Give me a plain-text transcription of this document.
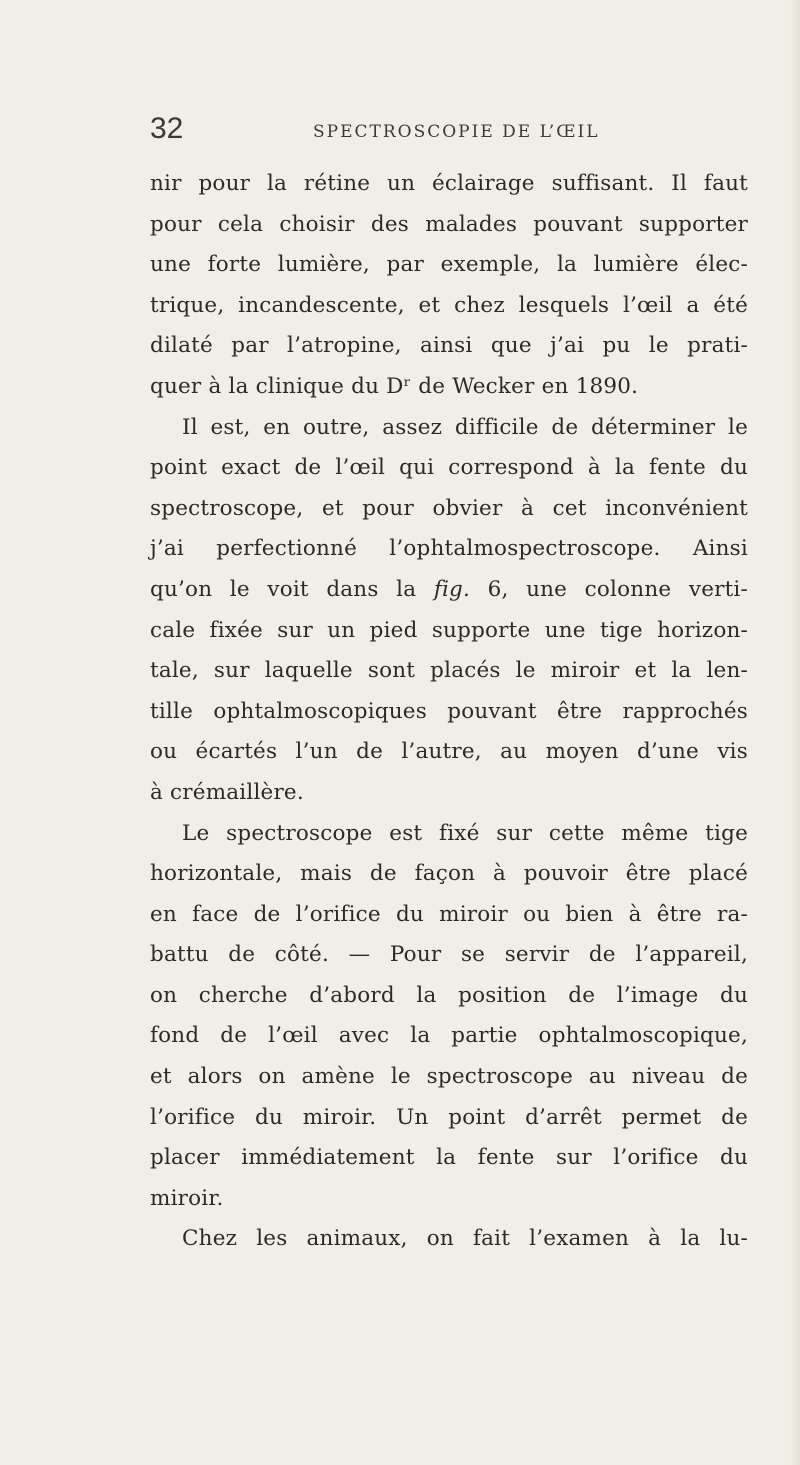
32	SPECTROSCOPIE DE L’ŒIL
nir pour la rétine un éclairage suffisant. Il faut
pour cela choisir des malades pouvant supporter
une forte lumière, par exemple, la lumière élec-
trique, incandescente, et chez lesquels l’œil a été
dilaté par l’atropine, ainsi que j’ai pu le prati-
quer à la clinique du Dʳ de Wecker en 1890.
Il est, en outre, assez difficile de déterminer le
point exact de l’œil qui correspond à la fente du
spectroscope, et pour obvier à cet inconvénient
j’ai perfectionné l’ophtalmospectroscope. Ainsi
qu’on le voit dans la fig. 6, une colonne verti-
cale fixée sur un pied supporte une tige horizon-
tale, sur laquelle sont placés le miroir et la len-
tille ophtalmoscopiques pouvant être rapprochés
ou écartés l’un de l’autre, au moyen d’une vis
à crémaillère.
Le spectroscope est fixé sur cette même tige
horizontale, mais de façon à pouvoir être placé
en face de l’orifice du miroir ou bien à être ra-
battu de côté. — Pour se servir de l’appareil,
on cherche d’abord la position de l’image du
fond de l’œil avec la partie ophtalmoscopique,
et alors on amène le spectroscope au niveau de
l’orifice du miroir. Un point d’arrêt permet de
placer immédiatement la fente sur l’orifice du
miroir.
Chez les animaux, on fait l’examen à la lu-
